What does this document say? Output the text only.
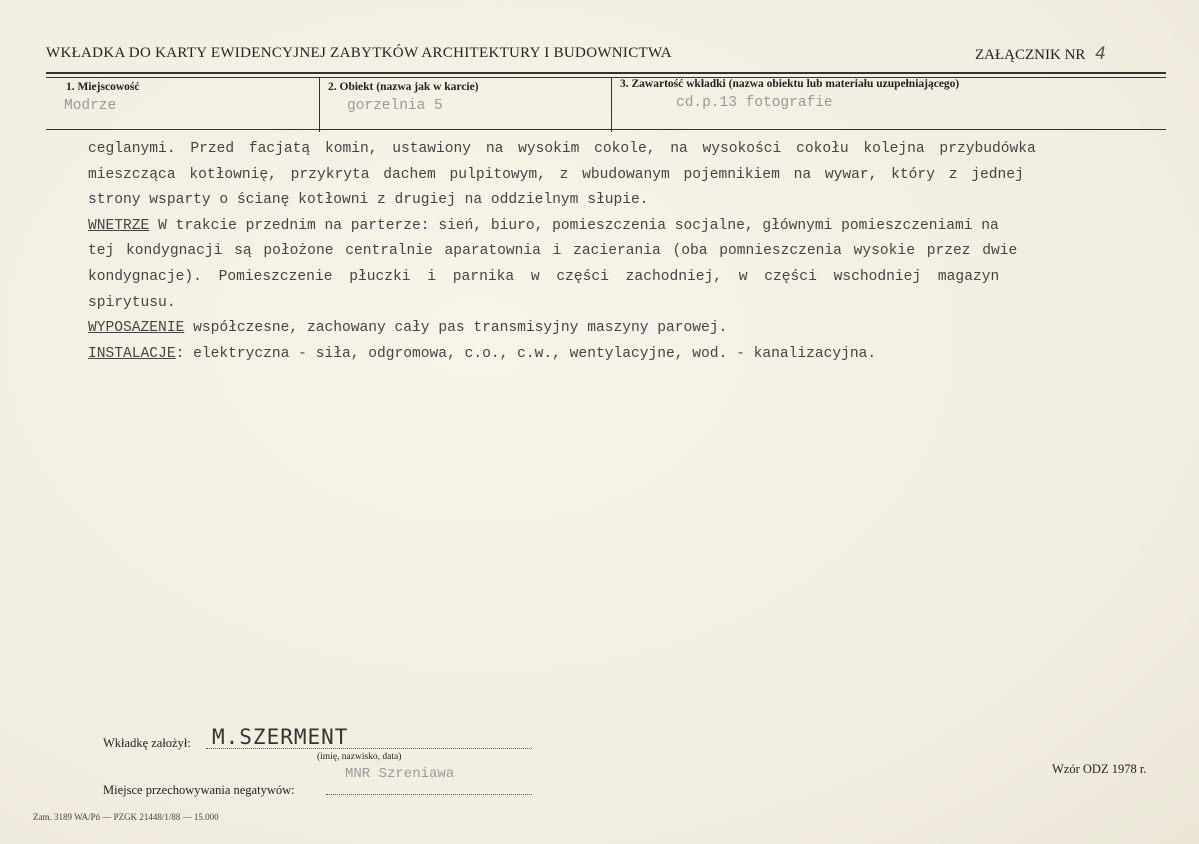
WKŁADKA DO KARTY EWIDENCYJNEJ ZABYTKÓW ARCHITEKTURY I BUDOWNICTWA	ZAŁĄCZNIK NR 4
1. Miejscowość	2. Obiekt (nazwa jak w karcie)	3. Zawartość wkładki (nazwa obiektu lub materiału uzupełniającego)
Modrze	gorzelnia 5	cd.p.13 fotografie
ceglanymi. Przed facjatą komin, ustawiony na wysokim cokole, na wysokości cokołu kolejna przybudówka
mieszcząca kotłownię, przykryta dachem pulpitowym, z wbudowanym pojemnikiem na wywar, który z jednej
strony wsparty o ścianę kotłowni z drugiej na oddzielnym słupie.
WNETRZE W trakcie przednim na parterze: sień, biuro, pomieszczenia socjalne, głównymi pomieszczeniami na
tej kondygnacji są położone centralnie aparatownia i zacierania (oba pomnieszczenia wysokie przez dwie
kondygnacje). Pomieszczenie płuczki i parnika w części zachodniej, w części wschodniej magazyn
spirytusu.
WYPOSAZENIE współczesne, zachowany cały pas transmisyjny maszyny parowej.
INSTALACJE : elektryczna - siła, odgromowa, c.o., c.w., wentylacyjne, wod. - kanalizacyjna.
Wkładkę założył: M.SZERMENT
(imię, nazwisko, data)
Miejsce przechowywania negatywów:
MNR Szreniawa	Wzór ODZ 1978 r.
Zam. 3189 WA/Pń — PZGK 21448/1/88 — 15.000
